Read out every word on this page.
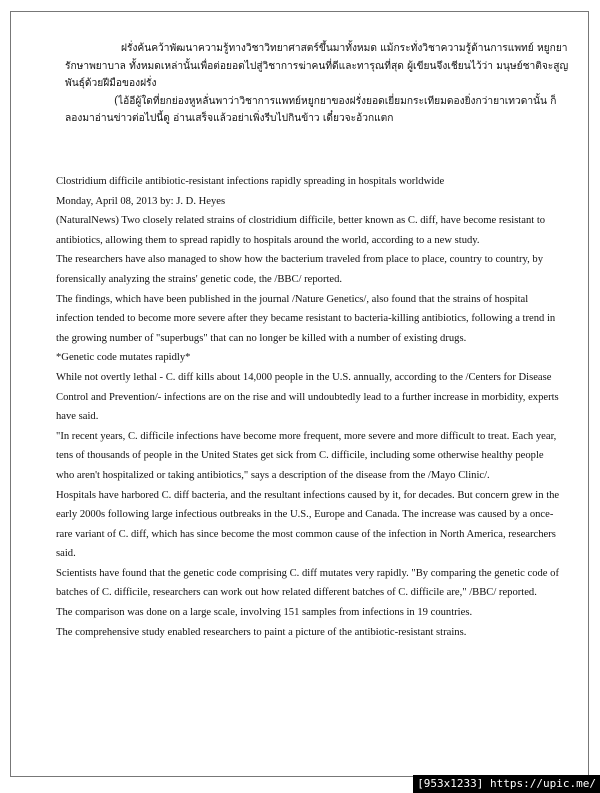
ฝรั่งค้นคว้าพัฒนาความรู้ทางวิชาวิทยาศาสตร์ขึ้นมาทั้งหมด แม้กระทั่งวิชาความรู้ด้านการแพทย์ หยูกยารักษาพยาบาล ทั้งหมดเหล่านั้นเพื่อต่อยอดไปสู่วิชาการฆ่าคนที่ดีและทารุณที่สุด ผู้เขียนจึงเชียนไว้ว่า มนุษย์ชาติจะสูญพันธุ์ด้วยฝีมือของฝรั่ง

(ไอ้อีผู้ใดที่ยกย่องหูหลั่นพาว่าวิชาการแพทย์หยูกยาของฝรั่งยอดเยี่ยมกระเทียมดองยิ่งกว่ายาเทวดานั้น ก็ลองมาอ่านข่าวต่อไปนี้ดู อ่านเสร็จแล้วอย่าเพิ่งรีบไปกินข้าว เดี๋ยวจะอ้วกแตก

Clostridium difficile antibiotic-resistant infections rapidly spreading in hospitals worldwide

Monday, April 08, 2013 by: J. D. Heyes

(NaturalNews) Two closely related strains of clostridium difficile, better known as C. diff, have become resistant to antibiotics, allowing them to spread rapidly to hospitals around the world, according to a new study.

The researchers have also managed to show how the bacterium traveled from place to place, country to country, by forensically analyzing the strains' genetic code, the /BBC/ reported.

The findings, which have been published in the journal /Nature Genetics/, also found that the strains of hospital infection tended to become more severe after they became resistant to bacteria-killing antibiotics, following a trend in the growing number of "superbugs" that can no longer be killed with a number of existing drugs.

*Genetic code mutates rapidly*

While not overtly lethal - C. diff kills about 14,000 people in the U.S. annually, according to the /Centers for Disease Control and Prevention/- infections are on the rise and will undoubtedly lead to a further increase in morbidity, experts have said.

"In recent years, C. difficile infections have become more frequent, more severe and more difficult to treat. Each year, tens of thousands of people in the United States get sick from C. difficile, including some otherwise healthy people who aren't hospitalized or taking antibiotics," says a description of the disease from the /Mayo Clinic/.

Hospitals have harbored C. diff bacteria, and the resultant infections caused by it, for decades. But concern grew in the early 2000s following large infectious outbreaks in the U.S., Europe and Canada. The increase was caused by a once-rare variant of C. diff, which has since become the most common cause of the infection in North America, researchers said.

Scientists have found that the genetic code comprising C. diff mutates very rapidly. "By comparing the genetic code of batches of C. difficile, researchers can work out how related different batches of C. difficile are," /BBC/ reported.

The comparison was done on a large scale, involving 151 samples from infections in 19 countries.

The comprehensive study enabled researchers to paint a picture of the antibiotic-resistant strains.

[953x1233] https://upic.me/
